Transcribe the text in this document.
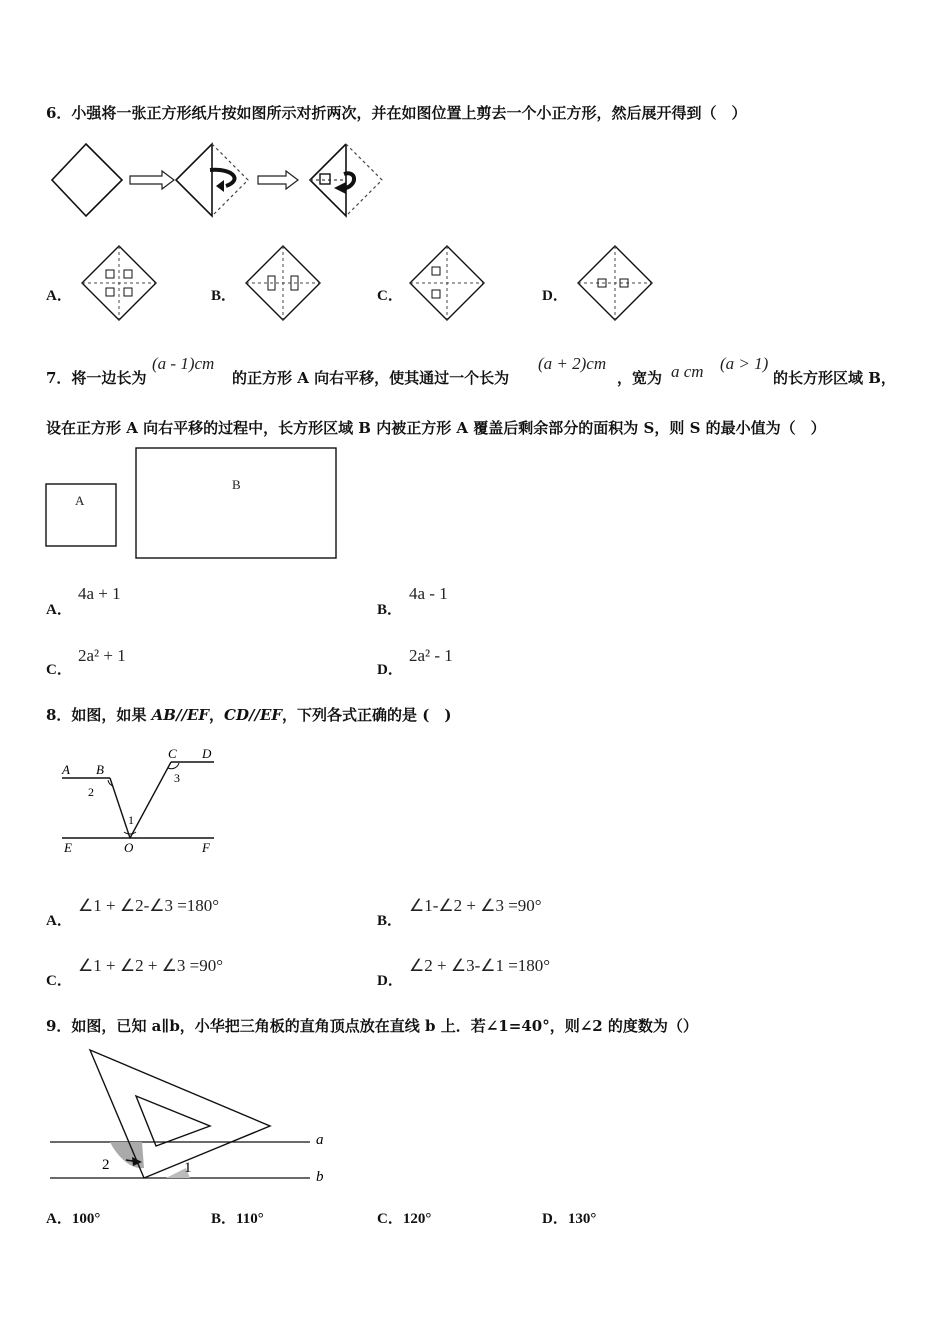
6．小强将一张正方形纸片按如图所示对折两次，并在如图位置上剪去一个小正方形，然后展开得到（　）
A．	B．	C．	D．
7．将一边长为
(a - 1)cm
的正方形 A 向右平移，使其通过一个长为
(a + 2)cm
，宽为 a cm (a > 1)
的长方形区域 B，
设在正方形 A 向右平移的过程中，长方形区域 B 内被正方形 A 覆盖后剩余部分的面积为 S，则 S 的最小值为（　）
A
B
A．
4a + 1
B．
4a - 1
C．
2a² + 1
D．
2a² - 1
8．如图，如果 AB//EF，CD//EF，下列各式正确的是 (　)
A B
C D
E	O	F
1
2
3
A．
∠1 + ∠2-∠3 =180°
B．
∠1-∠2 + ∠3 =90°
C．
∠1 + ∠2 + ∠3 =90°
D．
∠2 + ∠3-∠1 =180°
9．如图，已知 a∥b，小华把三角板的直角顶点放在直线 b 上．若∠1=40°，则∠2 的度数为（）
a
b
2	1
A．100°	B．110°	C．120°	D．130°
